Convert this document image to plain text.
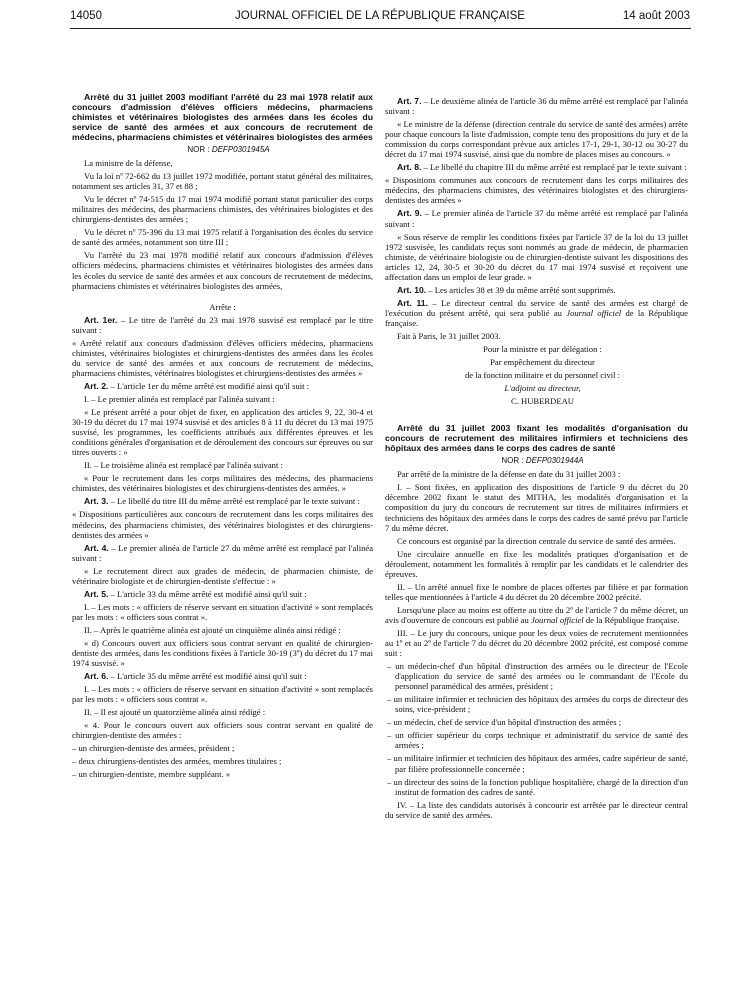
14050	JOURNAL OFFICIEL DE LA RÉPUBLIQUE FRANÇAISE	14 août 2003

Arrêté du 31 juillet 2003 modifiant l'arrêté du 23 mai 1978 relatif aux concours d'admission d'élèves officiers médecins, pharmaciens chimistes et vétérinaires biologistes des armées dans les écoles du service de santé des armées et aux concours de recrutement de médecins, pharmaciens chimistes et vétérinaires biologistes des armées

NOR : DEFP0301945A

La ministre de la défense,

Vu la loi nº 72-662 du 13 juillet 1972 modifiée, portant statut général des militaires, notamment ses articles 31, 37 et 88 ;

Vu le décret nº 74-515 du 17 mai 1974 modifié portant statut particulier des corps militaires des médecins, des pharmaciens chimistes, des vétérinaires biologistes et des chirurgiens-dentistes des armées ;

Vu le décret nº 75-396 du 13 mai 1975 relatif à l'organisation des écoles du service de santé des armées, notamment son titre III ;

Vu l'arrêté du 23 mai 1978 modifié relatif aux concours d'admission d'élèves officiers médecins, pharmaciens chimistes et vétérinaires biologistes des armées dans les écoles du service de santé des armées et aux concours de recrutement de médecins, pharmaciens chimistes et vétérinaires biologistes des armées,

Arrête :

Art. 1er. – Le titre de l'arrêté du 23 mai 1978 susvisé est remplacé par le titre suivant :

« Arrêté relatif aux concours d'admission d'élèves officiers médecins, pharmaciens chimistes, vétérinaires biologistes et chirurgiens-dentistes des armées dans les écoles du service de santé des armées et aux concours de recrutement de médecins, pharmaciens chimistes, vétérinaires biologistes et chirurgiens-dentistes des armées »

Art. 2. – L'article 1er du même arrêté est modifié ainsi qu'il suit :

I. – Le premier alinéa est remplacé par l'alinéa suivant :

« Le présent arrêté a pour objet de fixer, en application des articles 9, 22, 30-4 et 30-19 du décret du 17 mai 1974 susvisé et des articles 8 à 11 du décret du 13 mai 1975 susvisé, les programmes, les coefficients attribués aux différentes épreuves et les conditions générales d'organisation et de déroulement des concours sur épreuves ou sur titres ouverts : »

II. – Le troisième alinéa est remplacé par l'alinéa suivant :

« Pour le recrutement dans les corps militaires des médecins, des pharmaciens chimistes, des vétérinaires biologistes et des chirurgiens-dentistes des armées. »

Art. 3. – Le libellé du titre III du même arrêté est remplacé par le texte suivant :

« Dispositions particulières aux concours de recrutement dans les corps militaires des médecins, des pharmaciens chimistes, des vétérinaires biologistes et des chirurgiens-dentistes des armées »

Art. 4. – Le premier alinéa de l'article 27 du même arrêté est remplacé par l'alinéa suivant :

« Le recrutement direct aux grades de médecin, de pharmacien chimiste, de vétérinaire biologiste et de chirurgien-dentiste s'effectue : »

Art. 5. – L'article 33 du même arrêté est modifié ainsi qu'il suit :

I. – Les mots : « officiers de réserve servant en situation d'activité » sont remplacés par les mots : « officiers sous contrat ».

II. – Après le quatrième alinéa est ajouté un cinquième alinéa ainsi rédigé :

« d) Concours ouvert aux officiers sous contrat servant en qualité de chirurgien-dentiste des armées, dans les conditions fixées à l'article 30-19 (3º) du décret du 17 mai 1974 susvisé. »

Art. 6. – L'article 35 du même arrêté est modifié ainsi qu'il suit :

I. – Les mots : « officiers de réserve servant en situation d'activité » sont remplacés par les mots : « officiers sous contrat ».

II. – Il est ajouté un quatorzième alinéa ainsi rédigé :

« 4. Pour le concours ouvert aux officiers sous contrat servant en qualité de chirurgien-dentiste des armées :

– un chirurgien-dentiste des armées, président ;

– deux chirurgiens-dentistes des armées, membres titulaires ;

– un chirurgien-dentiste, membre suppléant. »

Art. 7. – Le deuxième alinéa de l'article 36 du même arrêté est remplacé par l'alinéa suivant :

« Le ministre de la défense (direction centrale du service de santé des armées) arrête pour chaque concours la liste d'admission, compte tenu des propositions du jury et de la commission du corps correspondant prévue aux articles 17-1, 29-1, 30-12 ou 30-27 du décret du 17 mai 1974 susvisé, ainsi que du nombre de places mises au concours. »

Art. 8. – Le libellé du chapitre III du même arrêté est remplacé par le texte suivant :

« Dispositions communes aux concours de recrutement dans les corps militaires des médecins, des pharmaciens chimistes, des vétérinaires biologistes et des chirurgiens-dentistes des armées »

Art. 9. – Le premier alinéa de l'article 37 du même arrêté est remplacé par l'alinéa suivant :

« Sous réserve de remplir les conditions fixées par l'article 37 de la loi du 13 juillet 1972 susvisée, les candidats reçus sont nommés au grade de médecin, de pharmacien chimiste, de vétérinaire biologiste ou de chirurgien-dentiste suivant les dispositions des articles 12, 24, 30-5 et 30-20 du décret du 17 mai 1974 susvisé et reçoivent une affectation dans un emploi de leur grade. »

Art. 10. – Les articles 38 et 39 du même arrêté sont supprimés.

Art. 11. – Le directeur central du service de santé des armées est chargé de l'exécution du présent arrêté, qui sera publié au Journal officiel de la République française.

Fait à Paris, le 31 juillet 2003.

Pour la ministre et par délégation :

Par empêchement du directeur

de la fonction militaire et du personnel civil :

L'adjoint au directeur,

C. HUBERDEAU

Arrêté du 31 juillet 2003 fixant les modalités d'organisation du concours de recrutement des militaires infirmiers et techniciens des hôpitaux des armées dans le corps des cadres de santé

NOR : DEFP0301944A

Par arrêté de la ministre de la défense en date du 31 juillet 2003 :

I. – Sont fixées, en application des dispositions de l'article 9 du décret du 20 décembre 2002 fixant le statut des MITHA, les modalités d'organisation et la composition du jury du concours de recrutement sur titres de militaires infirmiers et techniciens des hôpitaux des armées dans le corps des cadres de santé prévu par l'article 7 du même décret.

Ce concours est organisé par la direction centrale du service de santé des armées.

Une circulaire annuelle en fixe les modalités pratiques d'organisation et de déroulement, notamment les formalités à remplir par les candidats et le calendrier des épreuves.

II. – Un arrêté annuel fixe le nombre de places offertes par filière et par formation telles que mentionnées à l'article 4 du décret du 20 décembre 2002 précité.

Lorsqu'une place au moins est offerte au titre du 2º de l'article 7 du même décret, un avis d'ouverture de concours est publié au Journal officiel de la République française.

III. – Le jury du concours, unique pour les deux voies de recrutement mentionnées au 1º et au 2º de l'article 7 du décret du 20 décembre 2002 précité, est composé comme suit :

– un médecin-chef d'un hôpital d'instruction des armées ou le directeur de l'Ecole d'application du service de santé des armées ou le commandant de l'Ecole du personnel paramédical des armées, président ;

– un militaire infirmier et technicien des hôpitaux des armées du corps de directeur des soins, vice-président ;

– un médecin, chef de service d'un hôpital d'instruction des armées ;

– un officier supérieur du corps technique et administratif du service de santé des armées ;

– un militaire infirmier et technicien des hôpitaux des armées, cadre supérieur de santé, par filière professionnelle concernée ;

– un directeur des soins de la fonction publique hospitalière, chargé de la direction d'un institut de formation des cadres de santé.

IV. – La liste des candidats autorisés à concourir est arrêtée par le directeur central du service de santé des armées.
